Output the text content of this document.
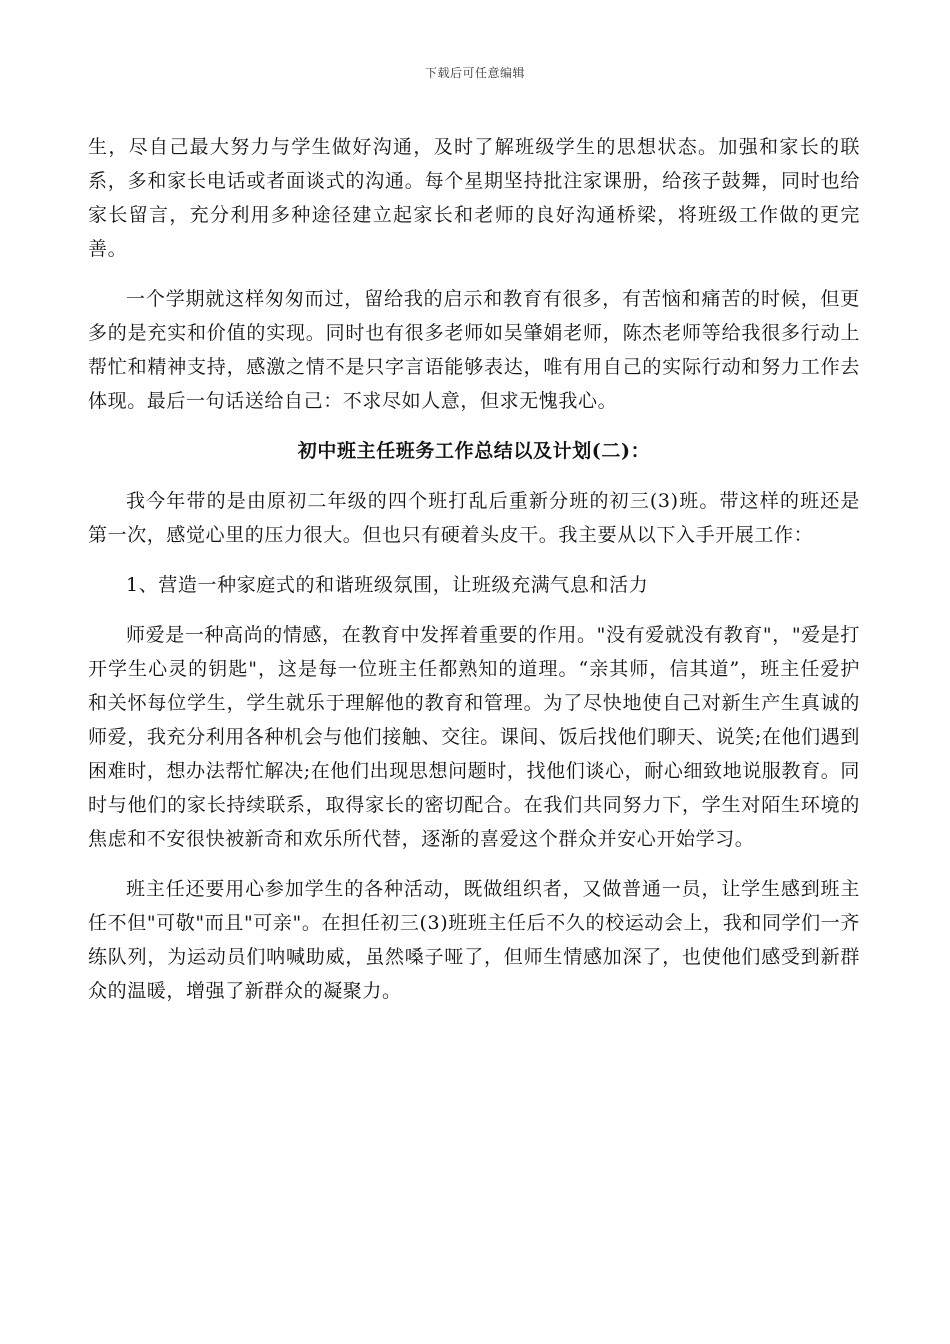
下载后可任意编辑

生，尽自己最大努力与学生做好沟通，及时了解班级学生的思想状态。加强和家长的联系，多和家长电话或者面谈式的沟通。每个星期坚持批注家课册，给孩子鼓舞，同时也给家长留言，充分利用多种途径建立起家长和老师的良好沟通桥梁，将班级工作做的更完善。

一个学期就这样匆匆而过，留给我的启示和教育有很多，有苦恼和痛苦的时候，但更多的是充实和价值的实现。同时也有很多老师如吴肇娟老师，陈杰老师等给我很多行动上帮忙和精神支持，感激之情不是只字言语能够表达，唯有用自己的实际行动和努力工作去体现。最后一句话送给自己：不求尽如人意，但求无愧我心。

初中班主任班务工作总结以及计划(二)：

我今年带的是由原初二年级的四个班打乱后重新分班的初三(3)班。带这样的班还是第一次，感觉心里的压力很大。但也只有硬着头皮干。我主要从以下入手开展工作：

1、营造一种家庭式的和谐班级氛围，让班级充满气息和活力

师爱是一种高尚的情感，在教育中发挥着重要的作用。"没有爱就没有教育"，"爱是打开学生心灵的钥匙"，这是每一位班主任都熟知的道理。“亲其师，信其道”，班主任爱护和关怀每位学生，学生就乐于理解他的教育和管理。为了尽快地使自己对新生产生真诚的师爱，我充分利用各种机会与他们接触、交往。课间、饭后找他们聊天、说笑;在他们遇到困难时，想办法帮忙解决;在他们出现思想问题时，找他们谈心，耐心细致地说服教育。同时与他们的家长持续联系，取得家长的密切配合。在我们共同努力下，学生对陌生环境的焦虑和不安很快被新奇和欢乐所代替，逐渐的喜爱这个群众并安心开始学习。

班主任还要用心参加学生的各种活动，既做组织者，又做普通一员，让学生感到班主任不但"可敬"而且"可亲"。在担任初三(3)班班主任后不久的校运动会上，我和同学们一齐练队列，为运动员们呐喊助威，虽然嗓子哑了，但师生情感加深了，也使他们感受到新群众的温暖，增强了新群众的凝聚力。
